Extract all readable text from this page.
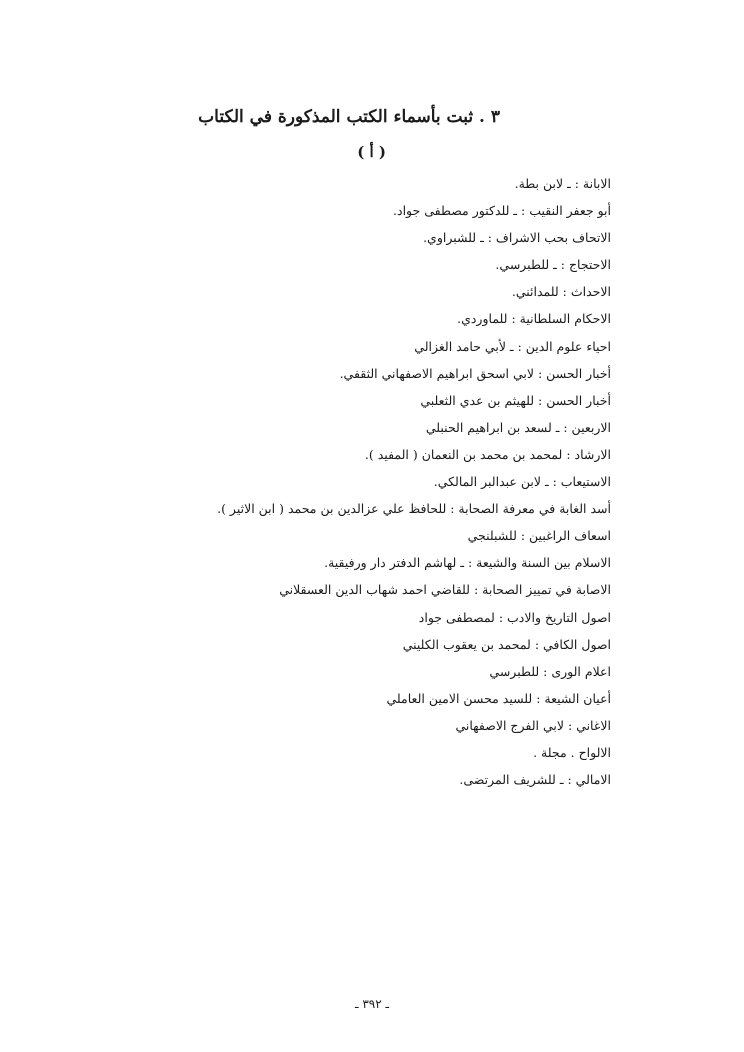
٣ . ثبت بأسماء الكتب المذكورة في الكتاب
( أ )
الابانة : ـ لابن بطة.
أبو جعفر النقيب : ـ للدكتور مصطفى جواد.
الاتحاف بحب الاشراف : ـ للشبراوي.
الاحتجاج : ـ للطبرسي.
الاحداث : للمدائني.
الاحكام السلطانية : للماوردي.
احياء علوم الدين : ـ لأبي حامد الغزالي
أخبار الحسن : لابي اسحق ابراهيم الاصفهاني الثقفي.
أخبار الحسن : للهيثم بن عدي الثعلبي
الاربعين : ـ لسعد بن ابراهيم الحنبلي
الارشاد : لمحمد بن محمد بن النعمان ( المفيد ).
الاستيعاب : ـ لابن عبدالبر المالكي.
أسد الغابة في معرفة الصحابة : للحافظ علي عزالدين بن محمد ( ابن الاثير ).
اسعاف الراغبين : للشبلنجي
الاسلام بين السنة والشيعة : ـ لهاشم الدفتر دار ورفيقية.
الاصابة في تمييز الصحابة : للقاضي احمد شهاب الدين العسقلاني
اصول التاريخ والادب : لمصطفى جواد
اصول الكافي : لمحمد بن يعقوب الكليني
اعلام الورى : للطبرسي
أعيان الشيعة : للسيد محسن الامين العاملي
الاغاني : لابي الفرج الاصفهاني
الالواح . مجلة .
الامالي : ـ للشريف المرتضى.
ـ ٣٩٢ ـ
